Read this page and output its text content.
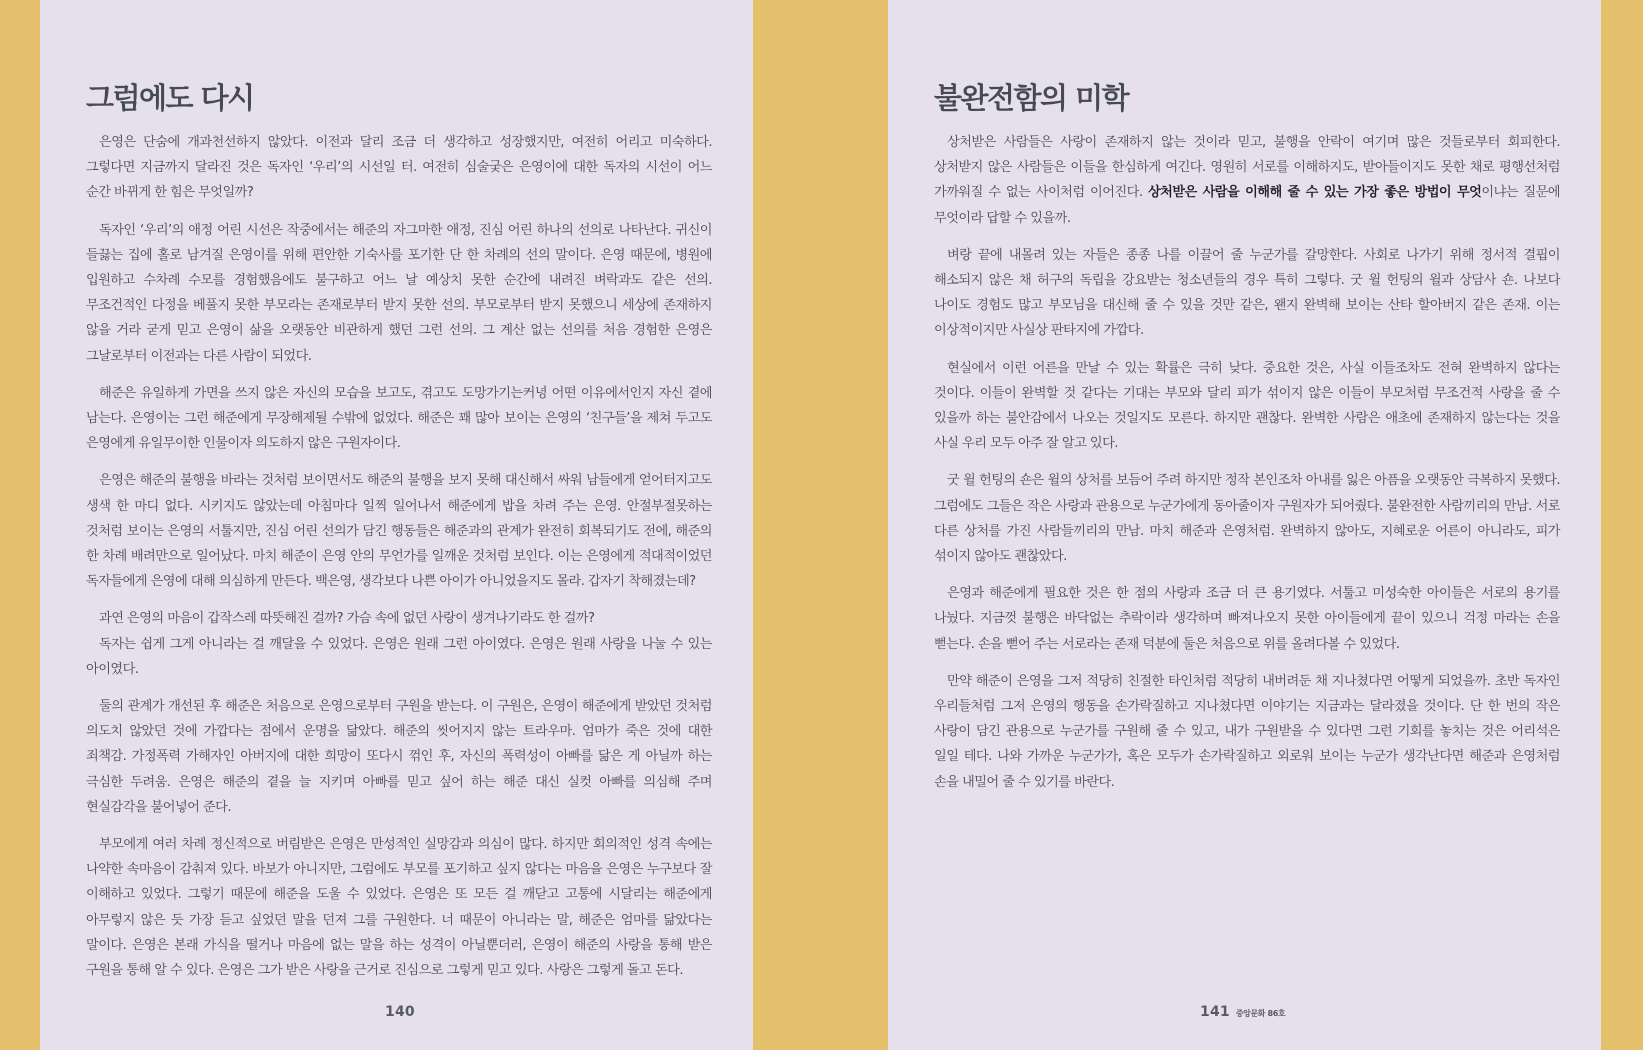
그럼에도 다시

은영은 단숨에 개과천선하지 않았다. 이전과 달리 조금 더 생각하고 성장했지만, 여전히 어리고 미숙하다. 그렇다면 지금까지 달라진 것은 독자인 ‘우리’의 시선일 터. 여전히 심술궂은 은영이에 대한 독자의 시선이 어느 순간 바뀌게 한 힘은 무엇일까?

독자인 ‘우리’의 애정 어린 시선은 작중에서는 해준의 자그마한 애정, 진심 어린 하나의 선의로 나타난다. 귀신이 들끓는 집에 홀로 남겨질 은영이를 위해 편안한 기숙사를 포기한 단 한 차례의 선의 말이다. 은영 때문에, 병원에 입원하고 수차례 수모를 경험했음에도 불구하고 어느 날 예상치 못한 순간에 내려진 벼락과도 같은 선의. 무조건적인 다정을 베풀지 못한 부모라는 존재로부터 받지 못한 선의. 부모로부터 받지 못했으니 세상에 존재하지 않을 거라 굳게 믿고 은영이 삶을 오랫동안 비관하게 했던 그런 선의. 그 계산 없는 선의를 처음 경험한 은영은 그날로부터 이전과는 다른 사람이 되었다.

해준은 유일하게 가면을 쓰지 않은 자신의 모습을 보고도, 겪고도 도망가기는커녕 어떤 이유에서인지 자신 곁에 남는다. 은영이는 그런 해준에게 무장해제될 수밖에 없었다. 해준은 꽤 많아 보이는 은영의 ‘친구들’을 제쳐 두고도 은영에게 유일무이한 인물이자 의도하지 않은 구원자이다.

은영은 해준의 불행을 바라는 것처럼 보이면서도 해준의 불행을 보지 못해 대신해서 싸워 남들에게 얻어터지고도 생색 한 마디 없다. 시키지도 않았는데 아침마다 일찍 일어나서 해준에게 밥을 차려 주는 은영. 안절부절못하는 것처럼 보이는 은영의 서툴지만, 진심 어린 선의가 담긴 행동들은 해준과의 관계가 완전히 회복되기도 전에, 해준의 한 차례 배려만으로 일어났다. 마치 해준이 은영 안의 무언가를 일깨운 것처럼 보인다. 이는 은영에게 적대적이었던 독자들에게 은영에 대해 의심하게 만든다. 백은영, 생각보다 나쁜 아이가 아니었을지도 몰라. 갑자기 착해졌는데?

과연 은영의 마음이 갑작스레 따뜻해진 걸까? 가슴 속에 없던 사랑이 생겨나기라도 한 걸까?

독자는 쉽게 그게 아니라는 걸 깨달을 수 있었다. 은영은 원래 그런 아이였다. 은영은 원래 사랑을 나눌 수 있는 아이였다.

둘의 관계가 개선된 후 해준은 처음으로 은영으로부터 구원을 받는다. 이 구원은, 은영이 해준에게 받았던 것처럼 의도치 않았던 것에 가깝다는 점에서 운명을 닮았다. 해준의 씻어지지 않는 트라우마. 엄마가 죽은 것에 대한 죄책감. 가정폭력 가해자인 아버지에 대한 희망이 또다시 꺾인 후, 자신의 폭력성이 아빠를 닮은 게 아닐까 하는 극심한 두려움. 은영은 해준의 곁을 늘 지키며 아빠를 믿고 싶어 하는 해준 대신 실컷 아빠를 의심해 주며 현실감각을 불어넣어 준다.

부모에게 여러 차례 정신적으로 버림받은 은영은 만성적인 실망감과 의심이 많다. 하지만 회의적인 성격 속에는 나약한 속마음이 감춰져 있다. 바보가 아니지만, 그럼에도 부모를 포기하고 싶지 않다는 마음을 은영은 누구보다 잘 이해하고 있었다. 그렇기 때문에 해준을 도울 수 있었다. 은영은 또 모든 걸 깨닫고 고통에 시달리는 해준에게 아무렇지 않은 듯 가장 듣고 싶었던 말을 던져 그를 구원한다. 너 때문이 아니라는 말, 해준은 엄마를 닮았다는 말이다. 은영은 본래 가식을 떨거나 마음에 없는 말을 하는 성격이 아닐뿐더러, 은영이 해준의 사랑을 통해 받은 구원을 통해 알 수 있다. 은영은 그가 받은 사랑을 근거로 진심으로 그렇게 믿고 있다. 사랑은 그렇게 돌고 돈다.

140
불완전함의 미학

상처받은 사람들은 사랑이 존재하지 않는 것이라 믿고, 불행을 안락이 여기며 많은 것들로부터 회피한다. 상처받지 않은 사람들은 이들을 한심하게 여긴다. 영원히 서로를 이해하지도, 받아들이지도 못한 채로 평행선처럼 가까워질 수 없는 사이처럼 이어진다. 상처받은 사람을 이해해 줄 수 있는 가장 좋은 방법이 무엇이냐는 질문에 무엇이라 답할 수 있을까.

벼랑 끝에 내몰려 있는 자들은 종종 나를 이끌어 줄 누군가를 갈망한다. 사회로 나가기 위해 정서적 결핍이 해소되지 않은 채 허구의 독립을 강요받는 청소년들의 경우 특히 그렇다. 굿 윌 헌팅의 윌과 상담사 숀. 나보다 나이도 경험도 많고 부모님을 대신해 줄 수 있을 것만 같은, 왠지 완벽해 보이는 산타 할아버지 같은 존재. 이는 이상적이지만 사실상 판타지에 가깝다.

현실에서 이런 어른을 만날 수 있는 확률은 극히 낮다. 중요한 것은, 사실 이들조차도 전혀 완벽하지 않다는 것이다. 이들이 완벽할 것 같다는 기대는 부모와 달리 피가 섞이지 않은 이들이 부모처럼 무조건적 사랑을 줄 수 있을까 하는 불안감에서 나오는 것일지도 모른다. 하지만 괜찮다. 완벽한 사람은 애초에 존재하지 않는다는 것을 사실 우리 모두 아주 잘 알고 있다.

굿 윌 헌팅의 숀은 윌의 상처를 보듬어 주려 하지만 정작 본인조차 아내를 잃은 아픔을 오랫동안 극복하지 못했다. 그럼에도 그들은 작은 사랑과 관용으로 누군가에게 동아줄이자 구원자가 되어줬다. 불완전한 사람끼리의 만남. 서로 다른 상처를 가진 사람들끼리의 만남. 마치 해준과 은영처럼. 완벽하지 않아도, 지혜로운 어른이 아니라도, 피가 섞이지 않아도 괜찮았다.

은영과 해준에게 필요한 것은 한 점의 사랑과 조금 더 큰 용기였다. 서툴고 미성숙한 아이들은 서로의 용기를 나눴다. 지금껏 불행은 바닥없는 추락이라 생각하며 빠져나오지 못한 아이들에게 끝이 있으니 걱정 마라는 손을 뻗는다. 손을 뻗어 주는 서로라는 존재 덕분에 둘은 처음으로 위를 올려다볼 수 있었다.

만약 해준이 은영을 그저 적당히 친절한 타인처럼 적당히 내버려둔 채 지나쳤다면 어떻게 되었을까. 초반 독자인 우리들처럼 그저 은영의 행동을 손가락질하고 지나쳤다면 이야기는 지금과는 달라졌을 것이다. 단 한 번의 작은 사랑이 담긴 관용으로 누군가를 구원해 줄 수 있고, 내가 구원받을 수 있다면 그런 기회를 놓치는 것은 어리석은 일일 테다. 나와 가까운 누군가가, 혹은 모두가 손가락질하고 외로워 보이는 누군가 생각난다면 해준과 은영처럼 손을 내밀어 줄 수 있기를 바란다.

141 중앙문화 86호
